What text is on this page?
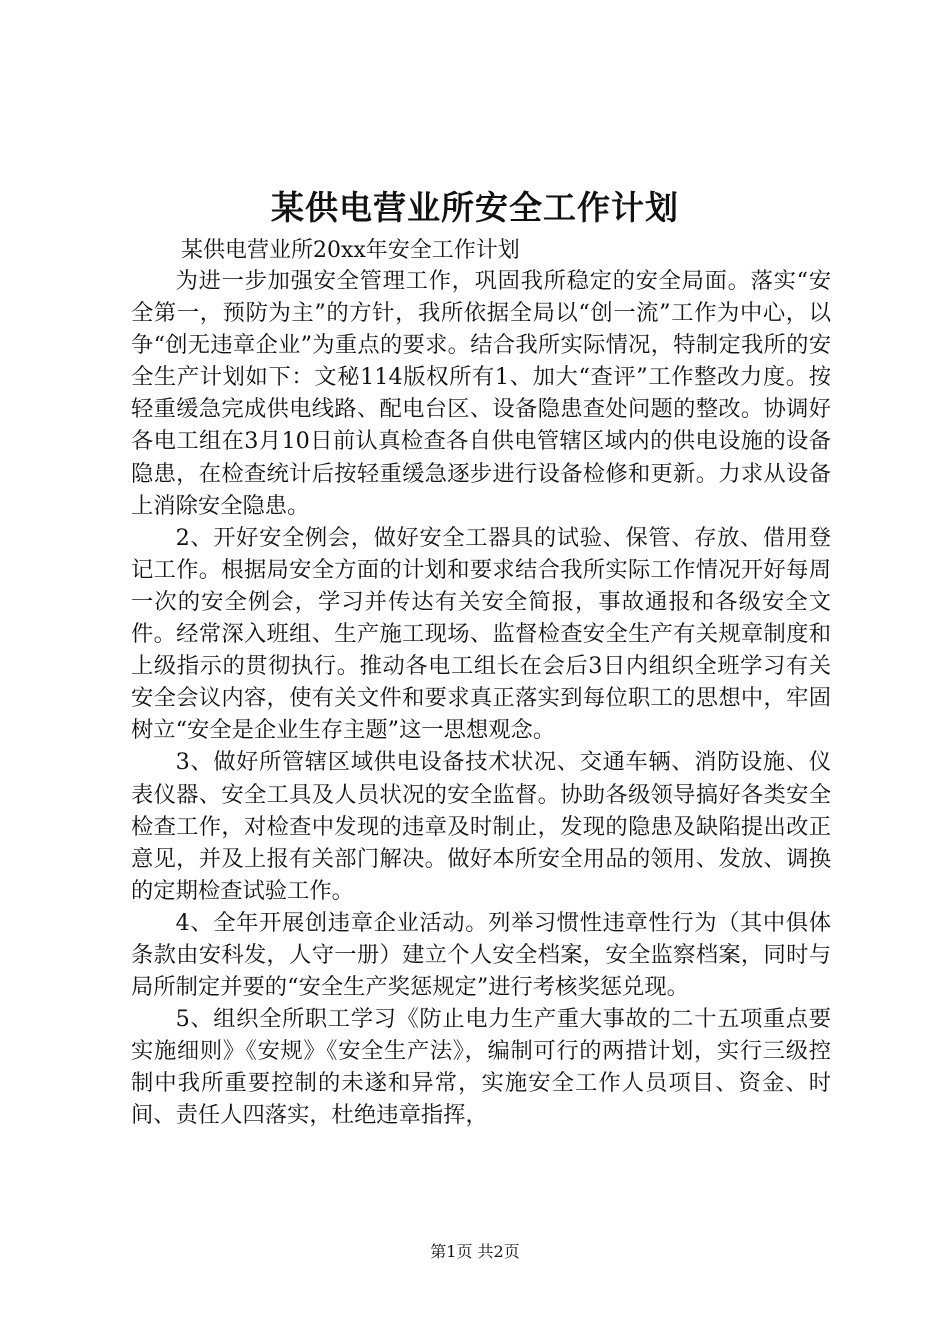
某供电营业所安全工作计划

某供电营业所20xx年安全工作计划

为进一步加强安全管理工作，巩固我所稳定的安全局面。落实“安全第一，预防为主”的方针，我所依据全局以“创一流”工作为中心，以争“创无违章企业”为重点的要求。结合我所实际情况，特制定我所的安全生产计划如下：文秘114版权所有1、加大“查评”工作整改力度。按轻重缓急完成供电线路、配电台区、设备隐患查处问题的整改。协调好各电工组在3月10日前认真检查各自供电管辖区域内的供电设施的设备隐患，在检查统计后按轻重缓急逐步进行设备检修和更新。力求从设备上消除安全隐患。

2、开好安全例会，做好安全工器具的试验、保管、存放、借用登记工作。根据局安全方面的计划和要求结合我所实际工作情况开好每周一次的安全例会，学习并传达有关安全简报，事故通报和各级安全文件。经常深入班组、生产施工现场、监督检查安全生产有关规章制度和上级指示的贯彻执行。推动各电工组长在会后3日内组织全班学习有关安全会议内容，使有关文件和要求真正落实到每位职工的思想中，牢固树立“安全是企业生存主题”这一思想观念。

3、做好所管辖区域供电设备技术状况、交通车辆、消防设施、仪表仪器、安全工具及人员状况的安全监督。协助各级领导搞好各类安全检查工作，对检查中发现的违章及时制止，发现的隐患及缺陷提出改正意见，并及上报有关部门解决。做好本所安全用品的领用、发放、调换的定期检查试验工作。

4、全年开展创违章企业活动。列举习惯性违章性行为（其中俱体条款由安科发，人守一册）建立个人安全档案，安全监察档案，同时与局所制定并要的“安全生产奖惩规定”进行考核奖惩兑现。

5、组织全所职工学习《防止电力生产重大事故的二十五项重点要实施细则》《安规》《安全生产法》，编制可行的两措计划，实行三级控制中我所重要控制的未遂和异常，实施安全工作人员项目、资金、时间、责任人四落实，杜绝违章指挥，

第1页 共2页
